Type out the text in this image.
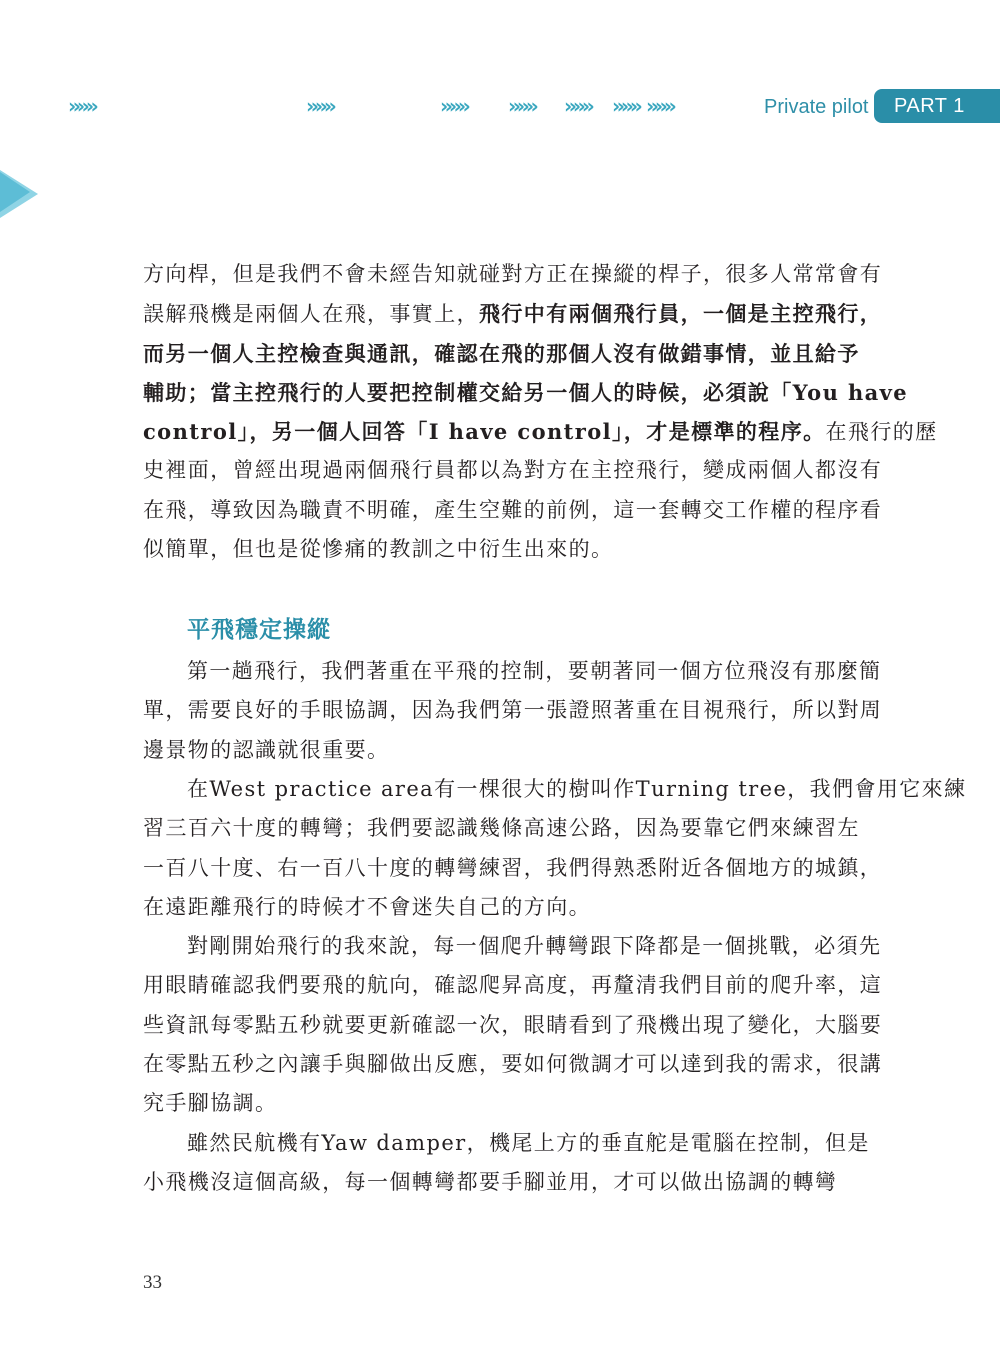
»»»	»»»	»»» »»» »»» »»» »»»	Private pilot	PART 1
方向桿，但是我們不會未經告知就碰對方正在操縱的桿子，很多人常常會有
誤解飛機是兩個人在飛，事實上，飛行中有兩個飛行員，一個是主控飛行，
而另一個人主控檢查與通訊，確認在飛的那個人沒有做錯事情，並且給予
輔助；當主控飛行的人要把控制權交給另一個人的時候，必須說「You have
control」，另一個人回答「I have control」，才是標準的程序。在飛行的歷
史裡面，曾經出現過兩個飛行員都以為對方在主控飛行，變成兩個人都沒有
在飛，導致因為職責不明確，產生空難的前例，這一套轉交工作權的程序看
似簡單，但也是從慘痛的教訓之中衍生出來的。
平飛穩定操縱
第一趟飛行，我們著重在平飛的控制，要朝著同一個方位飛沒有那麼簡
單，需要良好的手眼協調，因為我們第一張證照著重在目視飛行，所以對周
邊景物的認識就很重要。
在West practice area有一棵很大的樹叫作Turning tree，我們會用它來練
習三百六十度的轉彎；我們要認識幾條高速公路，因為要靠它們來練習左
一百八十度、右一百八十度的轉彎練習，我們得熟悉附近各個地方的城鎮，
在遠距離飛行的時候才不會迷失自己的方向。
對剛開始飛行的我來說，每一個爬升轉彎跟下降都是一個挑戰，必須先
用眼睛確認我們要飛的航向，確認爬昇高度，再釐清我們目前的爬升率，這
些資訊每零點五秒就要更新確認一次，眼睛看到了飛機出現了變化，大腦要
在零點五秒之內讓手與腳做出反應，要如何微調才可以達到我的需求，很講
究手腳協調。
雖然民航機有Yaw damper，機尾上方的垂直舵是電腦在控制，但是
小飛機沒這個高級，每一個轉彎都要手腳並用，才可以做出協調的轉彎
33
